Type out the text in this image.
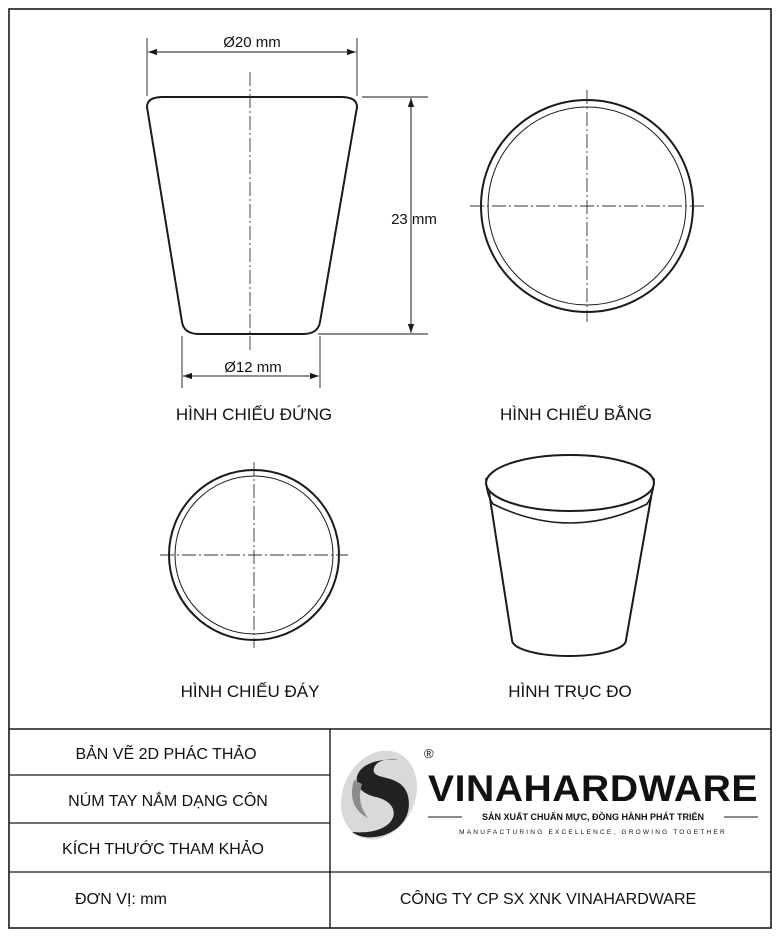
Ø20 mm
23 mm
Ø12 mm
HÌNH CHIẾU ĐỨNG	HÌNH CHIẾU BẰNG
HÌNH CHIẾU ĐÁY	HÌNH TRỤC ĐO
BẢN VẼ 2D PHÁC THẢO
NÚM TAY NẮM DẠNG CÔN
KÍCH THƯỚC THAM KHẢO
ĐƠN VỊ: mm
®
VINAHARDWARE
SẢN XUẤT CHUẨN MỰC, ĐỒNG HÀNH PHÁT TRIỂN
MANUFACTURING EXCELLENCE, GROWING TOGETHER
CÔNG TY CP SX XNK VINAHARDWARE
